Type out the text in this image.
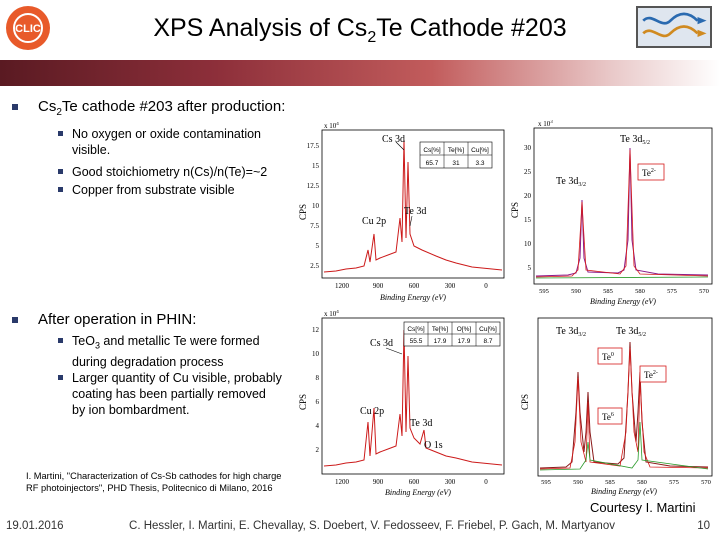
CLIC	XPS Analysis of $Cs_2Te$ Cathode #203
$Cs_2Te$ cathode #203 after production:
No oxygen or oxide contamination visible.
Good stoichiometry n(Cs)/n(Te)=~2
Copper from substrate visible
After operation in PHIN:
TeO$_3$ and metallic Te were formed during degradation process
Larger quantity of Cu visible, probably coating has been partially removed by ion bombardment.
x $10^4$
CPS
17.5
15
12.5
10
7.5
5
2.5
1200	900	600	300	0
Binding Energy (eV)
Cs 3d
Cu 2p
Te 3d
Cs[%] Te[%] Cu[%]
65.7 31 3.3
x $10^3$
CPS
30
25
20
15
10
5
595	590	585	580	575	570
Binding Energy (eV)
Te $3d_{5/2}$
Te $3d_{3/2}$
$Te^{2-}$
x $10^4$
CPS
12
10
8
6
4
2
1200	900	600	300	0
Binding Energy (eV)
Cs 3d
Cu 2p
Te 3d
O 1s
Cs[%] Te[%] O[%] Cu[%]
55.5 17.9 17.9 8.7
CPS
595	590	585	580	575	570
Binding Energy (eV)
Te $3d_{3/2}$	Te $3d_{5/2}$
Te$^0$
$Te^{2-}$
Te$^6$
I. Martini, "Characterization of Cs-Sb cathodes for high charge RF photoinjectors", PHD Thesis, Politecnico di Milano, 2016
Courtesy I. Martini
19.01.2016	C. Hessler, I. Martini, E. Chevallay, S. Doebert, V. Fedosseev, F. Friebel, P. Gach, M. Martyanov	10
